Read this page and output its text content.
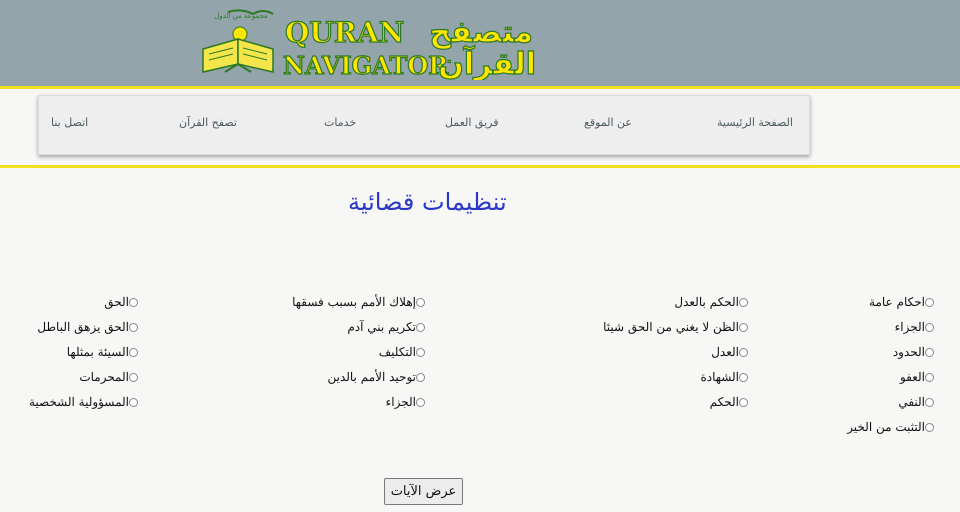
مجموعة من الدول QURAN
NAVIGATOR
متصفح
القرآن
الصفحة الرئيسية
عن الموقع
فريق العمل
خدمات
تصفح القرآن
اتصل بنا
تنظيمات قضائية
احكام عامة
الجزاء
الحدود
العفو
النفي
التثبت من الخير
الحكم بالعدل
الظن لا يغني من الحق شيئا
العدل
الشهادة
الحكم
إهلاك الأمم بسبب فسقها
تكريم بني آدم
التكليف
توحيد الأمم بالدين
الجزاء
الحق
الحق يزهق الباطل
السيئة بمثلها
المحرمات
المسؤولية الشخصية
عرض الآيات
